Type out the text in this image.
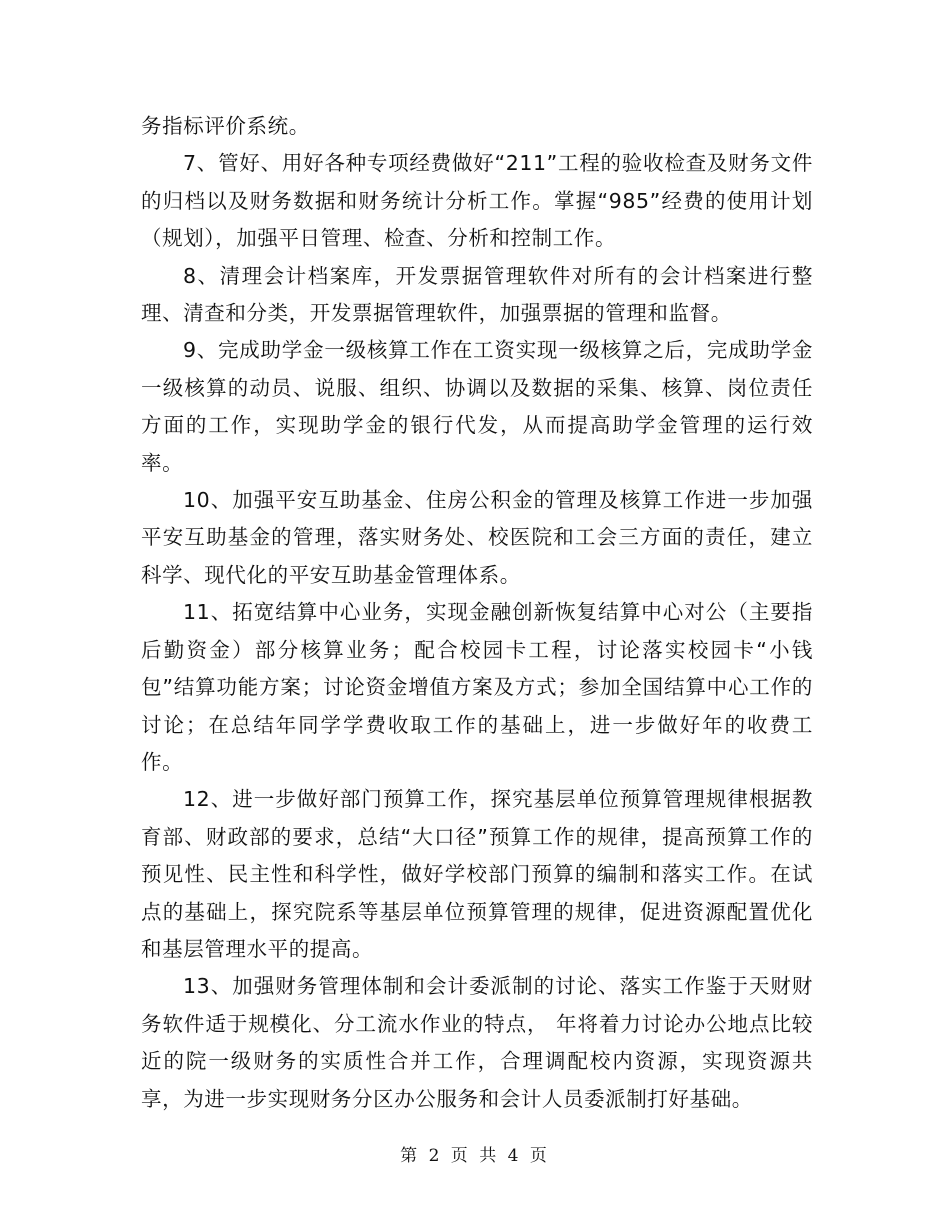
务指标评价系统。

7、管好、用好各种专项经费做好“211”工程的验收检查及财务文件的归档以及财务数据和财务统计分析工作。掌握“985”经费的使用计划（规划），加强平日管理、检查、分析和控制工作。

8、清理会计档案库，开发票据管理软件对所有的会计档案进行整理、清查和分类，开发票据管理软件，加强票据的管理和监督。

9、完成助学金一级核算工作在工资实现一级核算之后，完成助学金一级核算的动员、说服、组织、协调以及数据的采集、核算、岗位责任方面的工作，实现助学金的银行代发，从而提高助学金管理的运行效率。

10、加强平安互助基金、住房公积金的管理及核算工作进一步加强平安互助基金的管理，落实财务处、校医院和工会三方面的责任，建立科学、现代化的平安互助基金管理体系。

11、拓宽结算中心业务，实现金融创新恢复结算中心对公（主要指后勤资金）部分核算业务；配合校园卡工程，讨论落实校园卡“小钱包”结算功能方案；讨论资金增值方案及方式；参加全国结算中心工作的讨论；在总结年同学学费收取工作的基础上，进一步做好年的收费工作。

12、进一步做好部门预算工作，探究基层单位预算管理规律根据教育部、财政部的要求，总结“大口径”预算工作的规律，提高预算工作的预见性、民主性和科学性，做好学校部门预算的编制和落实工作。在试点的基础上，探究院系等基层单位预算管理的规律，促进资源配置优化和基层管理水平的提高。

13、加强财务管理体制和会计委派制的讨论、落实工作鉴于天财财务软件适于规模化、分工流水作业的特点， 年将着力讨论办公地点比较近的院一级财务的实质性合并工作，合理调配校内资源，实现资源共享，为进一步实现财务分区办公服务和会计人员委派制打好基础。

第 2 页 共 4 页
